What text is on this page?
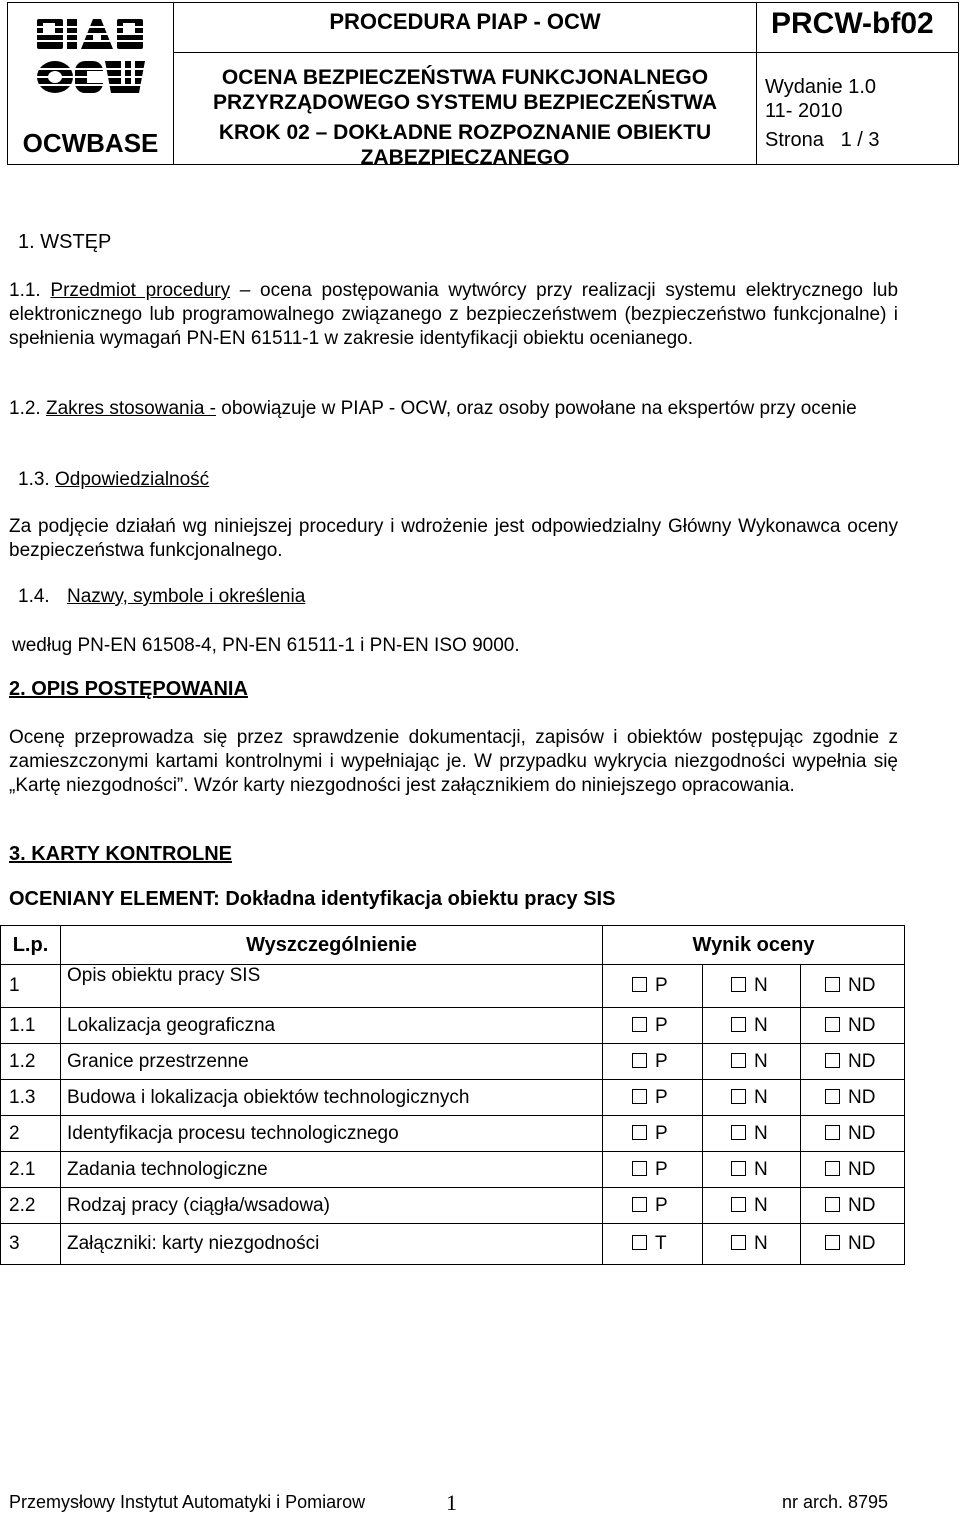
PIAP
OCWBASE

PROCEDURA PIAP - OCW
OCENA BEZPIECZEŃSTWA FUNKCJONALNEGO
PRZYRZĄDOWEGO SYSTEMU BEZPIECZEŃSTWA
KROK 02 – DOKŁADNE ROZPOZNANIE OBIEKTU
ZABEZPIECZANEGO

PRCW-bf02
Wydanie 1.0
11- 2010
Strona   1 / 3
1. WSTĘP
1.1. Przedmiot procedury – ocena postępowania wytwórcy przy realizacji systemu elektrycznego lub elektronicznego lub programowalnego związanego z bezpieczeństwem (bezpieczeństwo funkcjonalne) i spełnienia wymagań PN-EN 61511-1 w zakresie identyfikacji obiektu ocenianego.
1.2. Zakres stosowania - obowiązuje w PIAP - OCW, oraz osoby powołane na ekspertów przy ocenie
1.3. Odpowiedzialność
Za podjęcie działań wg niniejszej procedury i wdrożenie jest odpowiedzialny Główny Wykonawca oceny bezpieczeństwa funkcjonalnego.
1.4. Nazwy, symbole i określenia
według PN-EN 61508-4, PN-EN 61511-1 i PN-EN ISO 9000.
2. OPIS POSTĘPOWANIA
Ocenę przeprowadza się przez sprawdzenie dokumentacji, zapisów i obiektów postępując zgodnie z zamieszczonymi kartami kontrolnymi i wypełniając je. W przypadku wykrycia niezgodności wypełnia się „Kartę niezgodności”. Wzór karty niezgodności jest załącznikiem do niniejszego opracowania.
3. KARTY KONTROLNE
OCENIANY ELEMENT: Dokładna identyfikacja obiektu pracy SIS
L.p.	Wyszczególnienie	Wynik oceny		
1	Opis obiektu pracy SIS	P	N	ND
1.1	Lokalizacja geograficzna	P	N	ND
1.2	Granice przestrzenne	P	N	ND
1.3	Budowa i lokalizacja obiektów technologicznych	P	N	ND
2	Identyfikacja procesu technologicznego	P	N	ND
2.1	Zadania technologiczne	P	N	ND
2.2	Rodzaj pracy (ciągła/wsadowa)	P	N	ND
3	Załączniki: karty niezgodności	T	N	ND
Przemysłowy Instytut Automatyki i Pomiarow	1	nr arch. 8795
